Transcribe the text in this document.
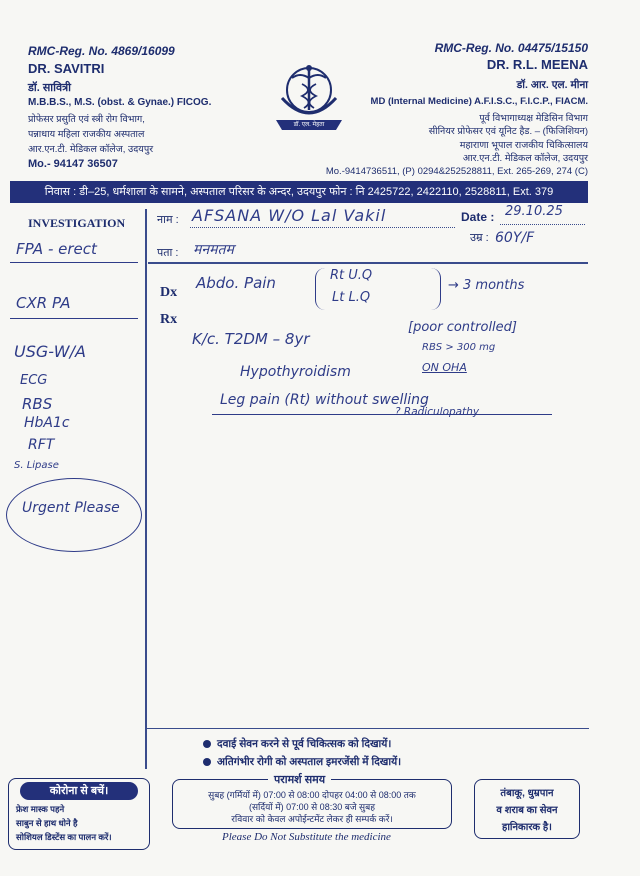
RMC-Reg. No. 4869/16099
DR. SAVITRI
डॉ. सावित्री
M.B.B.S., M.S. (obst. & Gynae.) FICOG.
प्रोफेसर प्रसुति एवं स्त्री रोग विभाग,
पन्नाधाय महिला राजकीय अस्पताल
आर.एन.टी. मेडिकल कॉलेज, उदयपुर
Mo.- 94147 36507
डॉ. एल. मेहता
RMC-Reg. No. 04475/15150
DR. R.L. MEENA
डॉ. आर. एल. मीना
MD (Internal Medicine) A.F.I.S.C., F.I.C.P., FIACM.
पूर्व विभागाध्यक्ष मेडिसिन विभाग
सीनियर प्रोफेसर एवं यूनिट हैड. – (फिजिशियन)
महाराणा भूपाल राजकीय चिकित्सालय
आर.एन.टी. मेडिकल कॉलेज, उदयपुर
Mo.-9414736511, (P) 0294&252528811, Ext. 265-269, 274 (C)
निवास : डी–25, धर्मशाला के सामने, अस्पताल परिसर के अन्दर, उदयपुर फोन : नि 2425722, 2422110, 2528811, Ext. 379
INVESTIGATION	नाम :
पता :
Date :
उम्र :
AFSANA W/O Lal Vakil
मनमतम
29.10.25
60Y/F
Dx
Rx
Abdo. Pain	Rt U.Q
Lt L.Q
→ 3 months
K/c. T2DM – 8yr
[poor controlled]
RBS > 300 mg
ON OHA
Hypothyroidism
Leg pain (Rt) without swelling
? Radiculopathy
FPA - erect
CXR PA
USG-W/A
ECG
RBS
HbA1c
RFT
S. Lipase
Urgent Please
दवाई सेवन करने से पूर्व चिकित्सक को दिखायें।
अतिगंभीर रोगी को अस्पताल इमरजेंसी में दिखायें।
कोरोना से बचें।
फ्रेश मास्क पहने
साबुन से हाथ धोने है
सोशियल डिस्टेंस का पालन करें।
परामर्श समय
सुबह (गर्मियों में) 07:00 से 08:00 दोपहर 04:00 से 08:00 तक
(सर्दियों में) 07:00 से 08:30 बजे सुबह
रविवार को केवल अपोईन्टमेंट लेकर ही सम्पर्क करें।
तंबाकू, धुम्रपान
व शराब का सेवन
हानिकारक है।
Please Do Not Substitute the medicine
